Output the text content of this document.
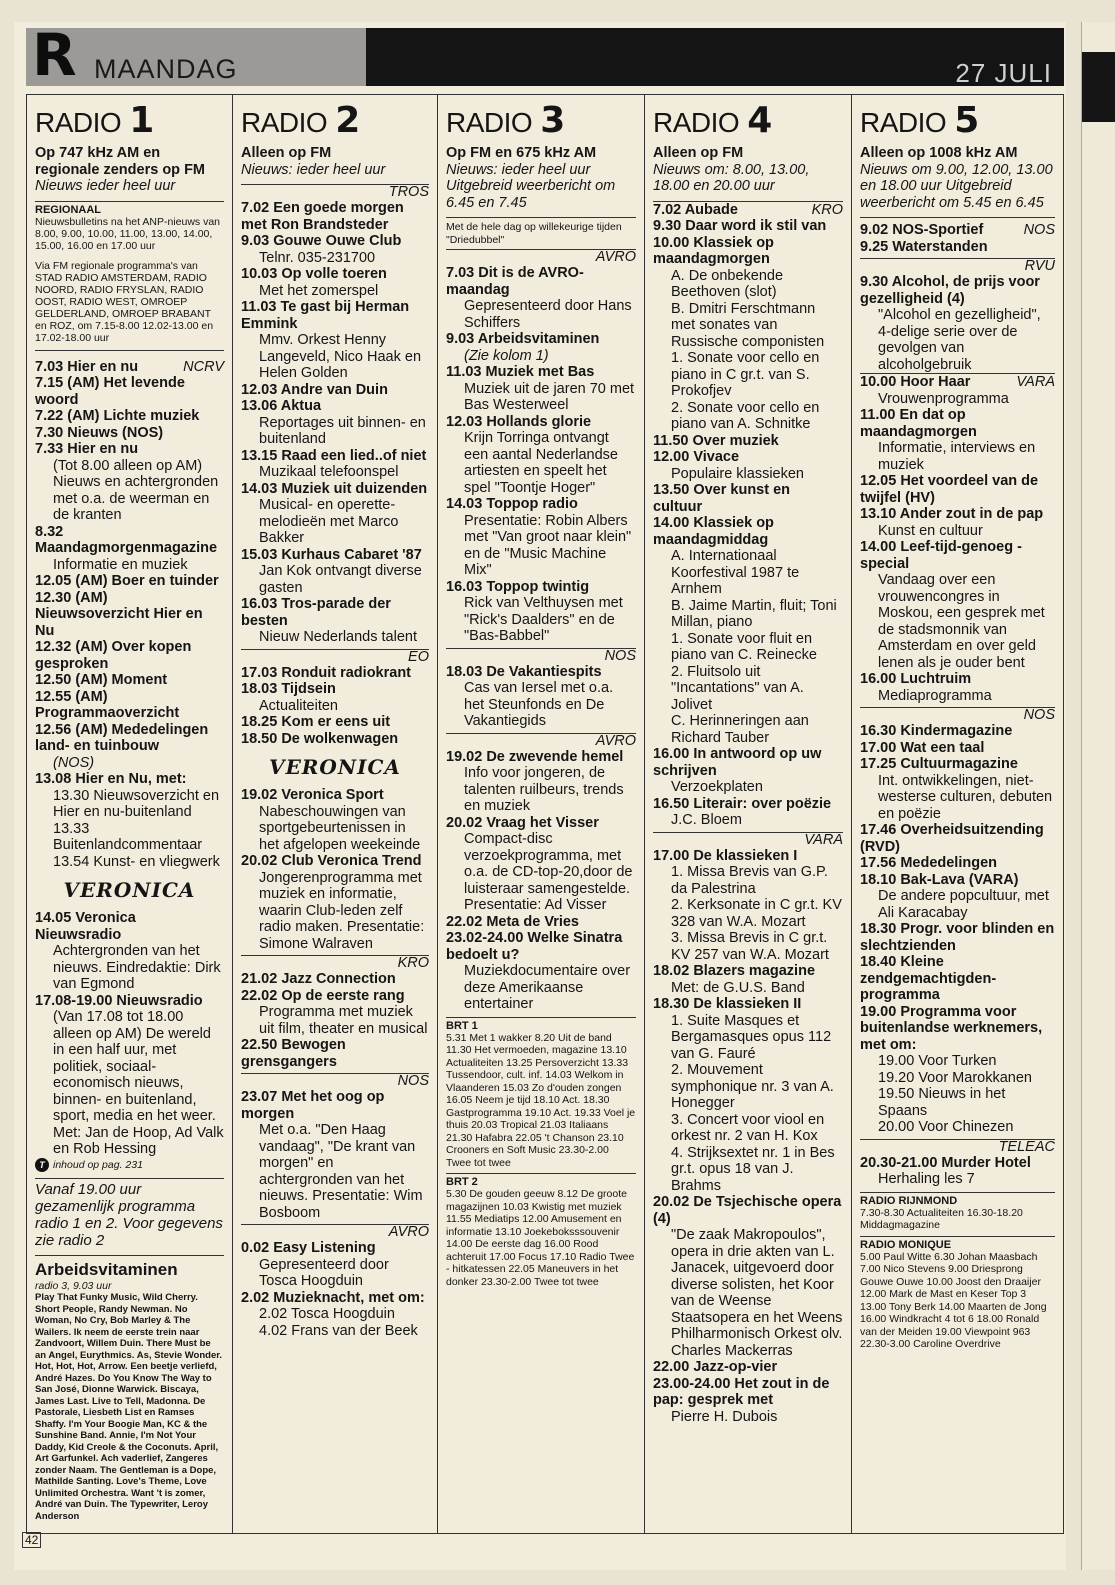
R MAANDAG	27 JULI
RADIO 1
Op 747 kHz AM en regionale zenders op FM
Nieuws ieder heel uur
REGIONAAL
Nieuwsbulletins na het ANP-nieuws van 8.00, 9.00, 10.00, 11.00, 13.00, 14.00, 15.00, 16.00 en 17.00 uur
Via FM regionale programma's van STAD RADIO AMSTERDAM, RADIO NOORD, RADIO FRYSLAN, RADIO OOST, RADIO WEST, OMROEP GELDERLAND, OMROEP BRABANT en ROZ, om 7.15-8.00 12.02-13.00 en 17.02-18.00 uur
7.03 Hier en nu	NCRV
7.15 (AM) Het levende woord
7.22 (AM) Lichte muziek
7.30 Nieuws (NOS)
7.33 Hier en nu
(Tot 8.00 alleen op AM) Nieuws en achtergronden met o.a. de weerman en de kranten
8.32 Maandagmorgenmagazine
Informatie en muziek
12.05 (AM) Boer en tuinder
12.30 (AM) Nieuwsoverzicht Hier en Nu
12.32 (AM) Over kopen gesproken
12.50 (AM) Moment
12.55 (AM) Programmaoverzicht
12.56 (AM) Mededelingen land- en tuinbouw
(NOS)
13.08 Hier en Nu, met:
13.30 Nieuwsoverzicht en Hier en nu-buitenland
13.33 Buitenlandcommentaar
13.54 Kunst- en vliegwerk
VERONICA
14.05 Veronica Nieuwsradio
Achtergronden van het nieuws. Eindredaktie: Dirk van Egmond
17.08-19.00 Nieuwsradio
(Van 17.08 tot 18.00 alleen op AM) De wereld in een half uur, met politiek, sociaal-economisch nieuws, binnen- en buitenland, sport, media en het weer. Met: Jan de Hoop, Ad Valk en Rob Hessing
T inhoud op pag. 231
Vanaf 19.00 uur gezamenlijk programma radio 1 en 2. Voor gegevens zie radio 2
Arbeidsvitaminen
radio 3, 9.03 uur
Play That Funky Music, Wild Cherry. Short People, Randy Newman. No Woman, No Cry, Bob Marley & The Wailers. Ik neem de eerste trein naar Zandvoort, Willem Duin. There Must be an Angel, Eurythmics. As, Stevie Wonder. Hot, Hot, Hot, Arrow. Een beetje verliefd, André Hazes. Do You Know The Way to San José, Dionne Warwick. Biscaya, James Last. Live to Tell, Madonna. De Pastorale, Liesbeth List en Ramses Shaffy. I'm Your Boogie Man, KC & the Sunshine Band. Annie, I'm Not Your Daddy, Kid Creole & the Coconuts. April, Art Garfunkel. Ach vaderlief, Zangeres zonder Naam. The Gentleman is a Dope, Mathilde Santing. Love's Theme, Love Unlimited Orchestra. Want 't is zomer, André van Duin. The Typewriter, Leroy Anderson
RADIO 2
Alleen op FM
Nieuws: ieder heel uur
TROS
7.02 Een goede morgen met Ron Brandsteder
9.03 Gouwe Ouwe Club
Telnr. 035-231700
10.03 Op volle toeren
Met het zomerspel
11.03 Te gast bij Herman Emmink
Mmv. Orkest Henny Langeveld, Nico Haak en Helen Golden
12.03 Andre van Duin
13.06 Aktua
Reportages uit binnen- en buitenland
13.15 Raad een lied..of niet
Muzikaal telefoonspel
14.03 Muziek uit duizenden
Musical- en operette-melodieën met Marco Bakker
15.03 Kurhaus Cabaret '87
Jan Kok ontvangt diverse gasten
16.03 Tros-parade der besten
Nieuw Nederlands talent
EO
17.03 Ronduit radiokrant
18.03 Tijdsein
Actualiteiten
18.25 Kom er eens uit
18.50 De wolkenwagen
VERONICA
19.02 Veronica Sport
Nabeschouwingen van sportgebeurtenissen in het afgelopen weekeinde
20.02 Club Veronica Trend
Jongerenprogramma met muziek en informatie, waarin Club-leden zelf radio maken. Presentatie: Simone Walraven
KRO
21.02 Jazz Connection
22.02 Op de eerste rang
Programma met muziek uit film, theater en musical
22.50 Bewogen grensgangers
NOS
23.07 Met het oog op morgen
Met o.a. "Den Haag vandaag", "De krant van morgen" en achtergronden van het nieuws. Presentatie: Wim Bosboom
AVRO
0.02 Easy Listening
Gepresenteerd door Tosca Hoogduin
2.02 Muzieknacht, met om:
2.02 Tosca Hoogduin
4.02 Frans van der Beek
RADIO 3
Op FM en 675 kHz AM
Nieuws: ieder heel uur Uitgebreid weerbericht om 6.45 en 7.45
Met de hele dag op willekeurige tijden "Driedubbel"
AVRO
7.03 Dit is de AVRO-maandag
Gepresenteerd door Hans Schiffers
9.03 Arbeidsvitaminen
(Zie kolom 1)
11.03 Muziek met Bas
Muziek uit de jaren 70 met Bas Westerweel
12.03 Hollands glorie
Krijn Torringa ontvangt een aantal Nederlandse artiesten en speelt het spel "Toontje Hoger"
14.03 Toppop radio
Presentatie: Robin Albers met "Van groot naar klein" en de "Music Machine Mix"
16.03 Toppop twintig
Rick van Velthuysen met "Rick's Daalders" en de "Bas-Babbel"
NOS
18.03 De Vakantiespits
Cas van Iersel met o.a. het Steunfonds en De Vakantiegids
AVRO
19.02 De zwevende hemel
Info voor jongeren, de talenten ruilbeurs, trends en muziek
20.02 Vraag het Visser
Compact-disc verzoekprogramma, met o.a. de CD-top-20,door de luisteraar samengestelde. Presentatie: Ad Visser
22.02 Meta de Vries
23.02-24.00 Welke Sinatra bedoelt u?
Muziekdocumentaire over deze Amerikaanse entertainer
BRT 1
5.31 Met 1 wakker 8.20 Uit de band 11.30 Het vermoeden, magazine 13.10 Actualiteiten 13.25 Persoverzicht 13.33 Tussendoor, cult. inf. 14.03 Welkom in Vlaanderen 15.03 Zo d'ouden zongen 16.05 Neem je tijd 18.10 Act. 18.30 Gastprogramma 19.10 Act. 19.33 Voel je thuis 20.03 Tropical 21.03 Italiaans 21.30 Hafabra 22.05 't Chanson 23.10 Crooners en Soft Music 23.30-2.00 Twee tot twee
BRT 2
5.30 De gouden geeuw 8.12 De groote magazijnen 10.03 Kwistig met muziek 11.55 Mediatips 12.00 Amusement en informatie 13.10 Joekeboksssouvenir 14.00 De eerste dag 16.00 Rood achteruit 17.00 Focus 17.10 Radio Twee - hitkatessen 22.05 Maneuvers in het donker 23.30-2.00 Twee tot twee
RADIO 4
Alleen op FM
Nieuws om: 8.00, 13.00, 18.00 en 20.00 uur
7.02 Aubade	KRO
9.30 Daar word ik stil van
10.00 Klassiek op maandagmorgen
A. De onbekende Beethoven (slot)
B. Dmitri Ferschtmann met sonates van Russische componisten
1. Sonate voor cello en piano in C gr.t. van S. Prokofjev
2. Sonate voor cello en piano van A. Schnitke
11.50 Over muziek
12.00 Vivace
Populaire klassieken
13.50 Over kunst en cultuur
14.00 Klassiek op maandagmiddag
A. Internationaal Koorfestival 1987 te Arnhem
B. Jaime Martin, fluit; Toni Millan, piano
1. Sonate voor fluit en piano van C. Reinecke
2. Fluitsolo uit "Incantations" van A. Jolivet
C. Herinneringen aan Richard Tauber
16.00 In antwoord op uw schrijven
Verzoekplaten
16.50 Literair: over poëzie
J.C. Bloem
VARA
17.00 De klassieken I
1. Missa Brevis van G.P. da Palestrina
2. Kerksonate in C gr.t. KV 328 van W.A. Mozart
3. Missa Brevis in C gr.t. KV 257 van W.A. Mozart
18.02 Blazers magazine
Met: de G.U.S. Band
18.30 De klassieken II
1. Suite Masques et Bergamasques opus 112 van G. Fauré
2. Mouvement symphonique nr. 3 van A. Honegger
3. Concert voor viool en orkest nr. 2 van H. Kox
4. Strijksextet nr. 1 in Bes gr.t. opus 18 van J. Brahms
20.02 De Tsjechische opera (4)
"De zaak Makropoulos", opera in drie akten van L. Janacek, uitgevoerd door diverse solisten, het Koor van de Weense Staatsopera en het Weens Philharmonisch Orkest olv. Charles Mackerras
22.00 Jazz-op-vier
23.00-24.00 Het zout in de pap: gesprek met
Pierre H. Dubois
RADIO 5
Alleen op 1008 kHz AM
Nieuws om 9.00, 12.00, 13.00 en 18.00 uur Uitgebreid weerbericht om 5.45 en 6.45
9.02 NOS-Sportief	NOS
9.25 Waterstanden
RVU
9.30 Alcohol, de prijs voor gezelligheid (4)
"Alcohol en gezelligheid", 4-delige serie over de gevolgen van alcoholgebruik
10.00 Hoor Haar	VARA
Vrouwenprogramma
11.00 En dat op maandagmorgen
Informatie, interviews en muziek
12.05 Het voordeel van de twijfel (HV)
13.10 Ander zout in de pap
Kunst en cultuur
14.00 Leef-tijd-genoeg - special
Vandaag over een vrouwencongres in Moskou, een gesprek met de stadsmonnik van Amsterdam en over geld lenen als je ouder bent
16.00 Luchtruim
Mediaprogramma
NOS
16.30 Kindermagazine
17.00 Wat een taal
17.25 Cultuurmagazine
Int. ontwikkelingen, niet-westerse culturen, debuten en poëzie
17.46 Overheidsuitzending (RVD)
17.56 Mededelingen
18.10 Bak-Lava (VARA)
De andere popcultuur, met Ali Karacabay
18.30 Progr. voor blinden en slechtzienden
18.40 Kleine zendgemachtigden-programma
19.00 Programma voor buitenlandse werknemers, met om:
19.00 Voor Turken
19.20 Voor Marokkanen
19.50 Nieuws in het Spaans
20.00 Voor Chinezen
TELEAC
20.30-21.00 Murder Hotel
Herhaling les 7
RADIO RIJNMOND
7.30-8.30 Actualiteiten 16.30-18.20 Middagmagazine
RADIO MONIQUE
5.00 Paul Witte 6.30 Johan Maasbach 7.00 Nico Stevens 9.00 Driesprong Gouwe Ouwe 10.00 Joost den Draaijer 12.00 Mark de Mast en Keser Top 3 13.00 Tony Berk 14.00 Maarten de Jong 16.00 Windkracht 4 tot 6 18.00 Ronald van der Meiden 19.00 Viewpoint 963 22.30-3.00 Caroline Overdrive
42
